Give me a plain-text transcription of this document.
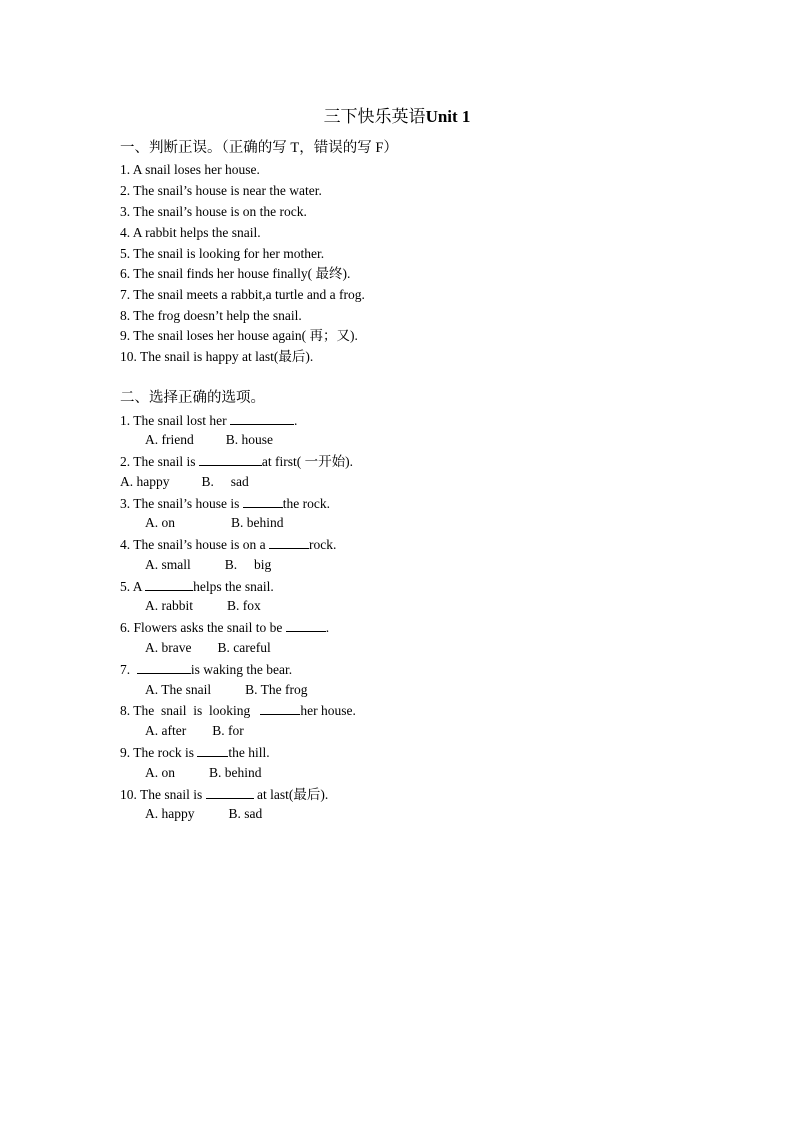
三下快乐英语Unit 1
一、判断正误。（正确的写 T，错误的写 F）
1. A snail loses her house.
2. The snail’s house is near the water.
3. The snail’s house is on the rock.
4. A rabbit helps the snail.
5. The snail is looking for her mother.
6. The snail finds her house finally( 最终).
7. The snail meets a rabbit,a turtle and a frog.
8. The frog doesn’t help the snail.
9. The snail loses her house again( 再；又).
10. The snail is happy at last(最后).
二、选择正确的选项。
1. The snail lost her	.
A. friend B. house
2. The snail is	at first( 一开始).
A. happy B.     sad
3. The snail’s house is	the rock.
A. on	B. behind
4. The snail’s house is on a	rock.
A. small	B.     big
5. A	helps the snail.
A. rabbit	B. fox
6. Flowers asks the snail to be	.
A. brave B. careful
7.	is waking the bear.
A. The snail	B. The frog
8. The  snail  is  looking	her house.
A. after B. for
9. The rock is the hill.
A. on	B. behind
10. The snail is	at last(最后).
A. happy	B. sad
